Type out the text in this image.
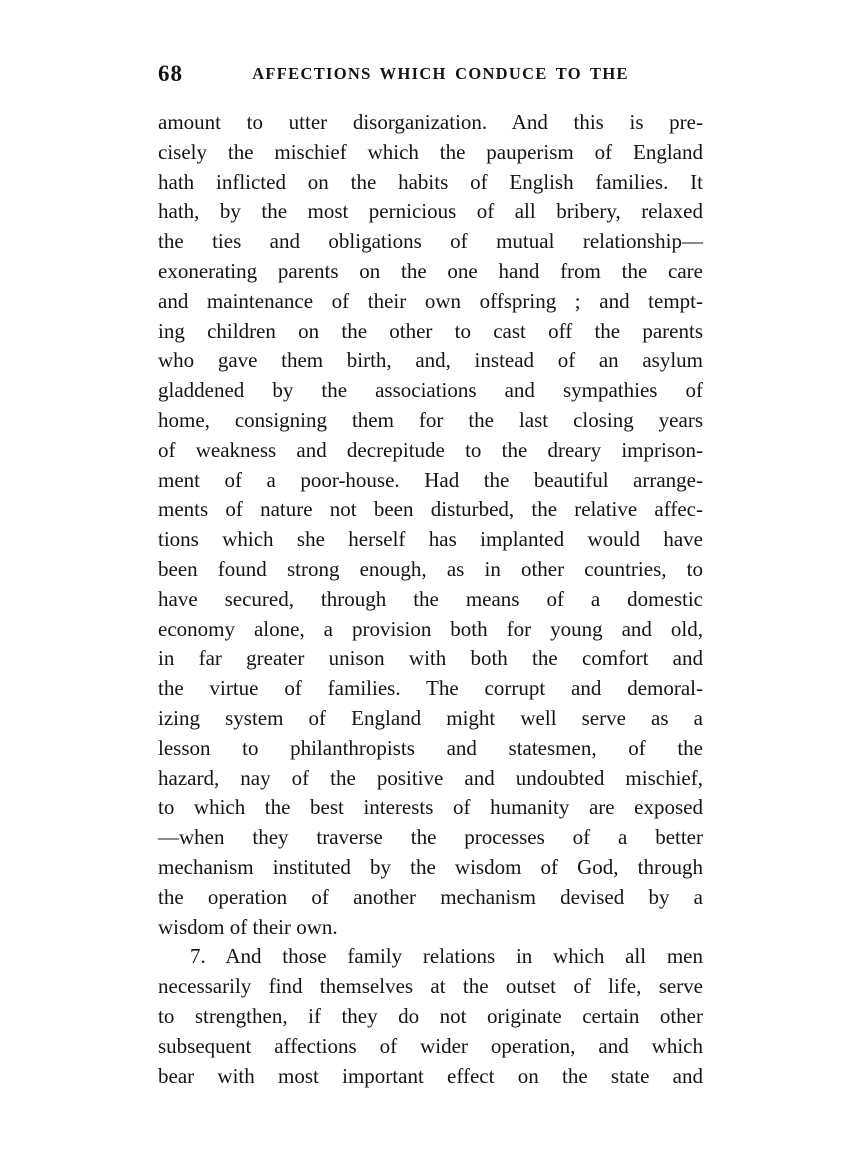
68	AFFECTIONS WHICH CONDUCE TO THE
amount to utter disorganization. And this is pre-
cisely the mischief which the pauperism of England
hath inflicted on the habits of English families. It
hath, by the most pernicious of all bribery, relaxed
the ties and obligations of mutual relationship—
exonerating parents on the one hand from the care
and maintenance of their own offspring ; and tempt-
ing children on the other to cast off the parents
who gave them birth, and, instead of an asylum
gladdened by the associations and sympathies of
home, consigning them for the last closing years
of weakness and decrepitude to the dreary imprison-
ment of a poor-house. Had the beautiful arrange-
ments of nature not been disturbed, the relative affec-
tions which she herself has implanted would have
been found strong enough, as in other countries, to
have secured, through the means of a domestic
economy alone, a provision both for young and old,
in far greater unison with both the comfort and
the virtue of families. The corrupt and demoral-
izing system of England might well serve as a
lesson to philanthropists and statesmen, of the
hazard, nay of the positive and undoubted mischief,
to which the best interests of humanity are exposed
—when they traverse the processes of a better
mechanism instituted by the wisdom of God, through
the operation of another mechanism devised by a
wisdom of their own.
7. And those family relations in which all men
necessarily find themselves at the outset of life, serve
to strengthen, if they do not originate certain other
subsequent affections of wider operation, and which
bear with most important effect on the state and
